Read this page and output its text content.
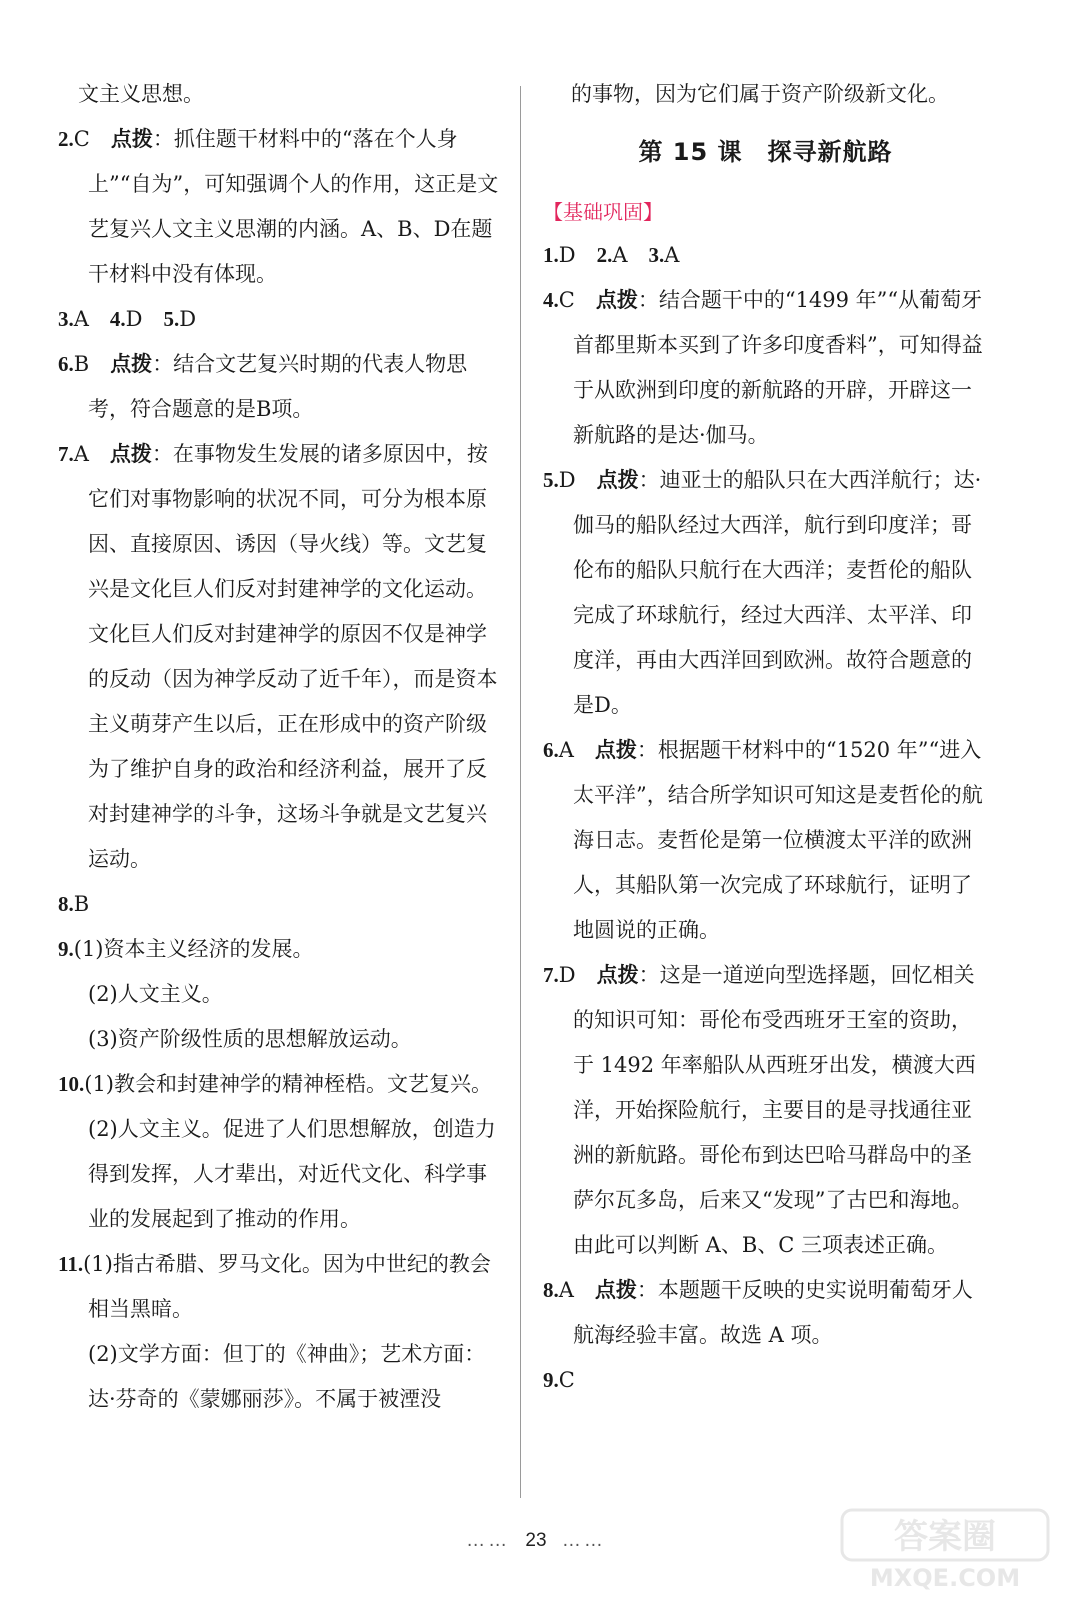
文主义思想。

2.C　 点拨：抓住题干材料中的“落在个人身上”“自为”，可知强调个人的作用，这正是文艺复兴人文主义思潮的内涵。A、B、D在题干材料中没有体现。

3.A　 4.D　 5.D

6.B　 点拨：结合文艺复兴时期的代表人物思考，符合题意的是B项。

7.A　 点拨：在事物发生发展的诸多原因中，按它们对事物影响的状况不同，可分为根本原因、直接原因、诱因（导火线）等。文艺复兴是文化巨人们反对封建神学的文化运动。文化巨人们反对封建神学的原因不仅是神学的反动（因为神学反动了近千年），而是资本主义萌芽产生以后，正在形成中的资产阶级为了维护自身的政治和经济利益，展开了反对封建神学的斗争，这场斗争就是文艺复兴运动。

8.B

9.(1)资本主义经济的发展。

(2)人文主义。

(3)资产阶级性质的思想解放运动。

10.(1)教会和封建神学的精神桎梏。文艺复兴。

(2)人文主义。促进了人们思想解放，创造力得到发挥，人才辈出，对近代文化、科学事业的发展起到了推动的作用。

11.(1)指古希腊、罗马文化。因为中世纪的教会相当黑暗。

(2)文学方面：但丁的《神曲》；艺术方面：达·芬奇的《蒙娜丽莎》。不属于被湮没

的事物，因为它们属于资产阶级新文化。

第 15 课　探寻新航路

【基础巩固】

1.D　 2.A　 3.A

4.C　 点拨：结合题干中的“1499 年”“从葡萄牙首都里斯本买到了许多印度香料”，可知得益于从欧洲到印度的新航路的开辟，开辟这一新航路的是达·伽马。

5.D　 点拨：迪亚士的船队只在大西洋航行；达·伽马的船队经过大西洋，航行到印度洋；哥伦布的船队只航行在大西洋；麦哲伦的船队完成了环球航行，经过大西洋、太平洋、印度洋，再由大西洋回到欧洲。故符合题意的是D。

6.A　 点拨：根据题干材料中的“1520 年”“进入太平洋”，结合所学知识可知这是麦哲伦的航海日志。麦哲伦是第一位横渡太平洋的欧洲人，其船队第一次完成了环球航行，证明了地圆说的正确。

7.D　 点拨：这是一道逆向型选择题，回忆相关的知识可知：哥伦布受西班牙王室的资助，于 1492 年率船队从西班牙出发，横渡大西洋，开始探险航行，主要目的是寻找通往亚洲的新航路。哥伦布到达巴哈马群岛中的圣萨尔瓦多岛，后来又“发现”了古巴和海地。由此可以判断 A、B、C 三项表述正确。

8.A　 点拨：本题题干反映的史实说明葡萄牙人航海经验丰富。故选 A 项。

9.C

…… 23 ……	答案圈
MXQE.COM
